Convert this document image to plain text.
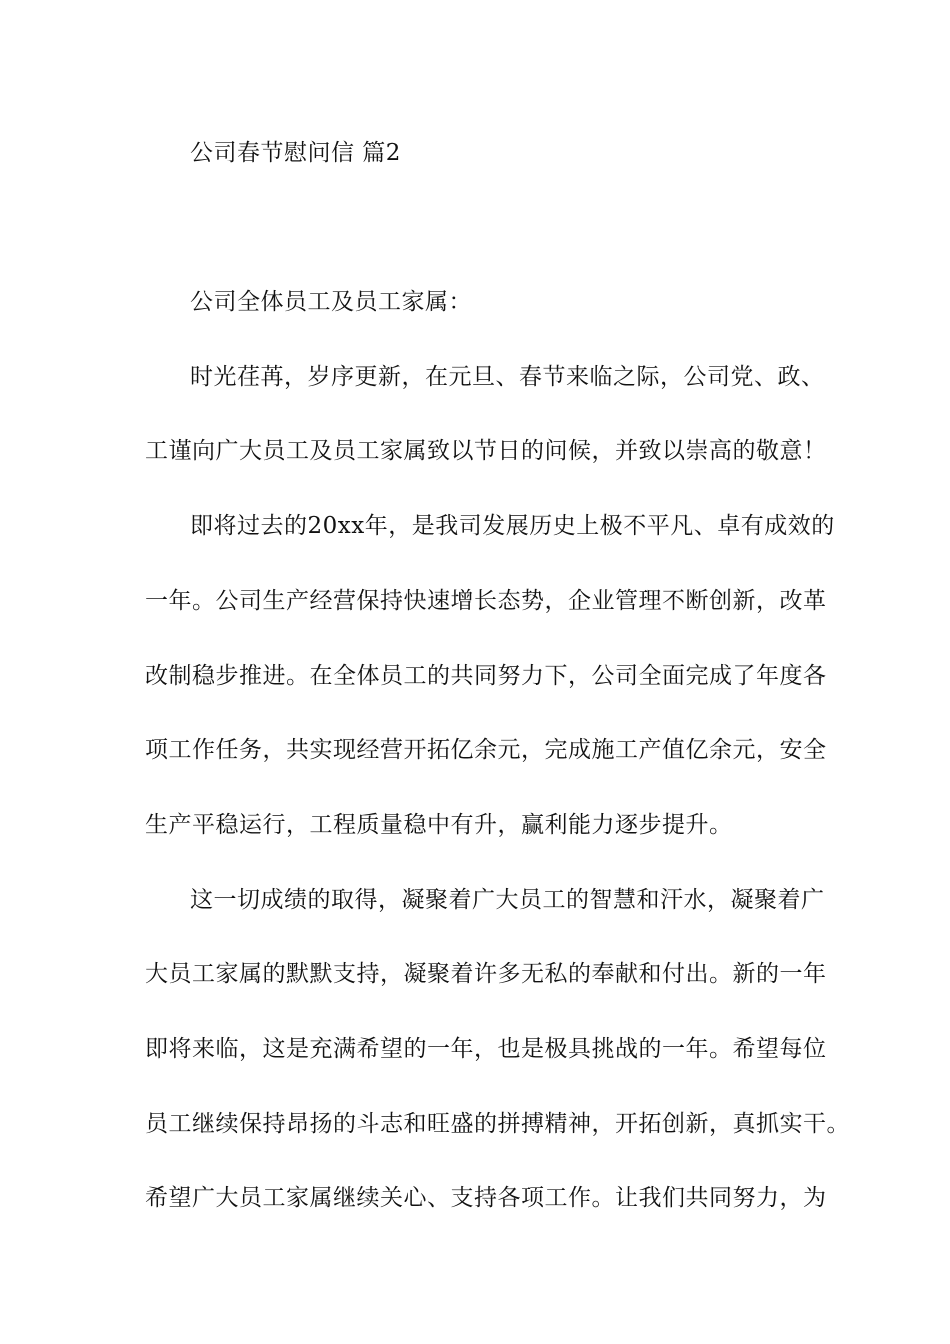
公司春节慰问信 篇2
公司全体员工及员工家属：
时光荏苒，岁序更新，在元旦、春节来临之际，公司党、政、
工谨向广大员工及员工家属致以节日的问候，并致以崇高的敬意！
即将过去的20xx年，是我司发展历史上极不平凡、卓有成效的
一年。公司生产经营保持快速增长态势，企业管理不断创新，改革
改制稳步推进。在全体员工的共同努力下，公司全面完成了年度各
项工作任务，共实现经营开拓亿余元，完成施工产值亿余元，安全
生产平稳运行，工程质量稳中有升，赢利能力逐步提升。
这一切成绩的取得，凝聚着广大员工的智慧和汗水，凝聚着广
大员工家属的默默支持，凝聚着许多无私的奉献和付出。新的一年
即将来临，这是充满希望的一年，也是极具挑战的一年。希望每位
员工继续保持昂扬的斗志和旺盛的拼搏精神，开拓创新，真抓实干。
希望广大员工家属继续关心、支持各项工作。让我们共同努力，为
